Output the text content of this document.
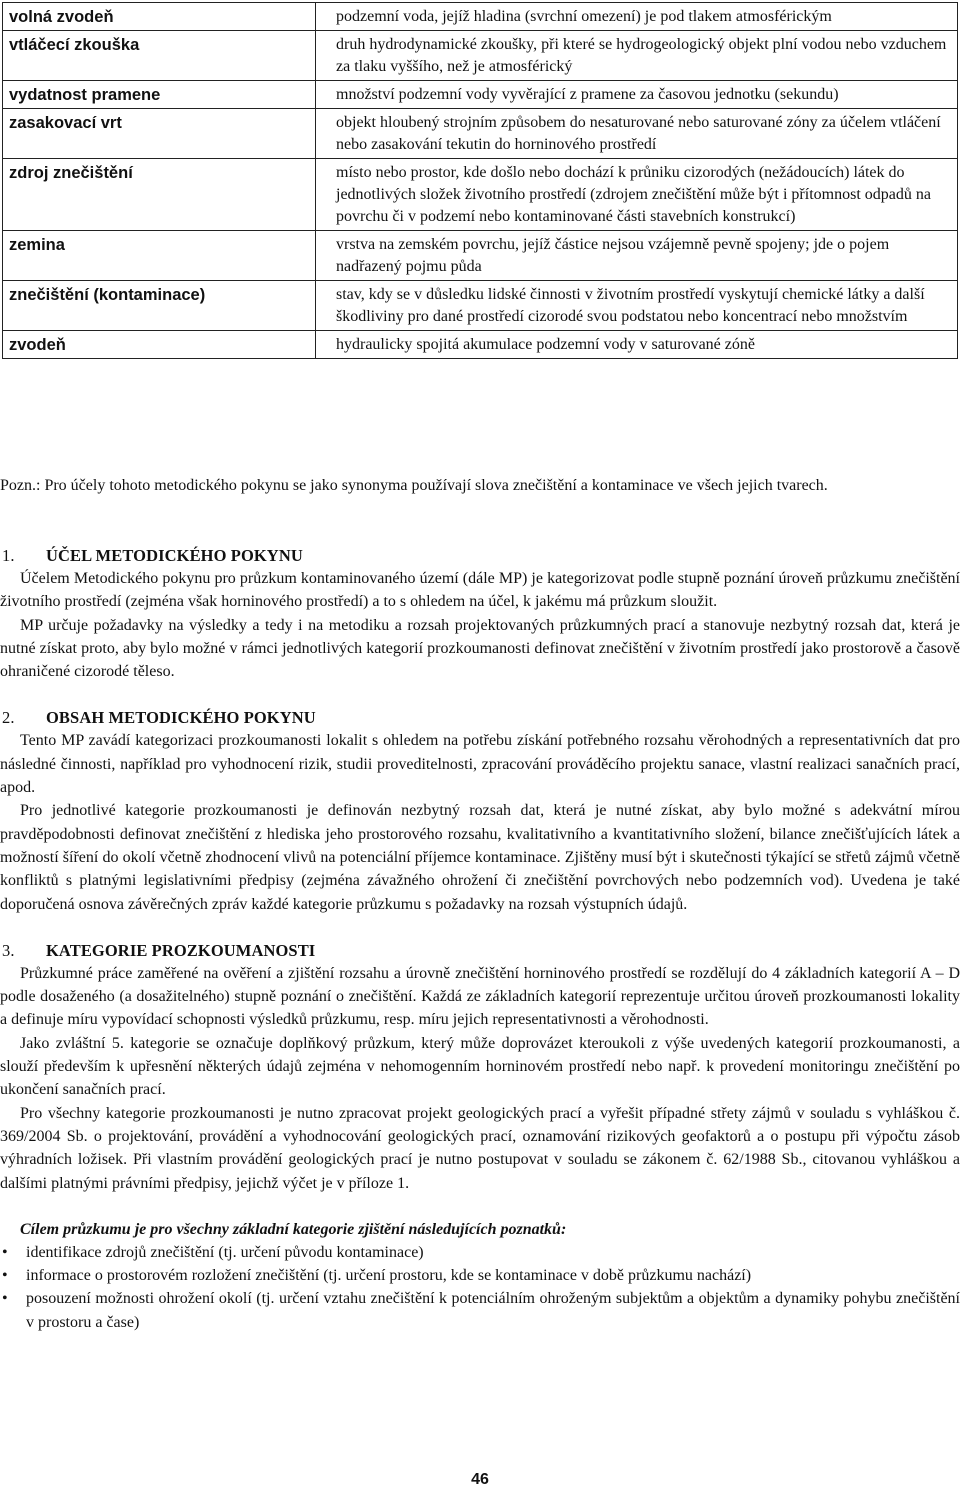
volná zvodeň	podzemní voda, jejíž hladina (svrchní omezení) je pod tlakem atmosférickým
vtláčecí zkouška	druh hydrodynamické zkoušky, při které se hydrogeologický objekt plní vodou nebo vzduchem za tlaku vyššího, než je atmosférický
vydatnost pramene	množství podzemní vody vyvěrající z pramene za časovou jednotku (sekundu)
zasakovací vrt	objekt hloubený strojním způsobem do nesaturované nebo saturované zóny za účelem vtláčení nebo zasakování tekutin do horninového prostředí
zdroj znečištění	místo nebo prostor, kde došlo nebo dochází k průniku cizorodých (nežádoucích) látek do jednotlivých složek životního prostředí (zdrojem znečištění může být i přítomnost odpadů na povrchu či v podzemí nebo kontaminované části stavebních konstrukcí)
zemina	vrstva na zemském povrchu, jejíž částice nejsou vzájemně pevně spojeny; jde o pojem nadřazený pojmu půda
znečištění (kontaminace)	stav, kdy se v důsledku lidské činnosti v životním prostředí vyskytují chemické látky a další škodliviny pro dané prostředí cizorodé svou podstatou nebo koncentrací nebo množstvím
zvodeň	hydraulicky spojitá akumulace podzemní vody v saturované zóně
Pozn.: Pro účely tohoto metodického pokynu se jako synonyma používají slova znečištění a kontaminace ve všech jejich tvarech.
1. ÚČEL METODICKÉHO POKYNU

Účelem Metodického pokynu pro průzkum kontaminovaného území (dále MP) je kategorizovat podle stupně poznání úroveň průzkumu znečištění životního prostředí (zejména však horninového prostředí) a to s ohledem na účel, k jakému má průzkum sloužit.

MP určuje požadavky na výsledky a tedy i na metodiku a rozsah projektovaných průzkumných prací a stanovuje nezbytný rozsah dat, která je nutné získat proto, aby bylo možné v rámci jednotlivých kategorií prozkoumanosti definovat znečištění v životním prostředí jako prostorově a časově ohraničené cizorodé těleso.

2. OBSAH METODICKÉHO POKYNU

Tento MP zavádí kategorizaci prozkoumanosti lokalit s ohledem na potřebu získání potřebného rozsahu věrohodných a representativních dat pro následné činnosti, například pro vyhodnocení rizik, studii proveditelnosti, zpracování prováděcího projektu sanace, vlastní realizaci sanačních prací, apod.

Pro jednotlivé kategorie prozkoumanosti je definován nezbytný rozsah dat, která je nutné získat, aby bylo možné s adekvátní mírou pravděpodobnosti definovat znečištění z hlediska jeho prostorového rozsahu, kvalitativního a kvantitativního složení, bilance znečišťujících látek a možností šíření do okolí včetně zhodnocení vlivů na potenciální příjemce kontaminace. Zjištěny musí být i skutečnosti týkající se střetů zájmů včetně konfliktů s platnými legislativními předpisy (zejména závažného ohrožení či znečištění povrchových nebo podzemních vod). Uvedena je také doporučená osnova závěrečných zpráv každé kategorie průzkumu s požadavky na rozsah výstupních údajů.

3. KATEGORIE PROZKOUMANOSTI

Průzkumné práce zaměřené na ověření a zjištění rozsahu a úrovně znečištění horninového prostředí se rozdělují do 4 základních kategorií A – D podle dosaženého (a dosažitelného) stupně poznání o znečištění. Každá ze základních kategorií reprezentuje určitou úroveň prozkoumanosti lokality a definuje míru vypovídací schopnosti výsledků průzkumu, resp. míru jejich representativnosti a věrohodnosti.

Jako zvláštní 5. kategorie se označuje doplňkový průzkum, který může doprovázet kteroukoli z výše uvedených kategorií prozkoumanosti, a slouží především k upřesnění některých údajů zejména v nehomogenním horninovém prostředí nebo např. k provedení monitoringu znečištění po ukončení sanačních prací.

Pro všechny kategorie prozkoumanosti je nutno zpracovat projekt geologických prací a vyřešit případné střety zájmů v souladu s vyhláškou č. 369/2004 Sb. o projektování, provádění a vyhodnocování geologických prací, oznamování rizikových geofaktorů a o postupu při výpočtu zásob výhradních ložisek. Při vlastním provádění geologických prací je nutno postupovat v souladu se zákonem č. 62/1988 Sb., citovanou vyhláškou a dalšími platnými právními předpisy, jejichž výčet je v příloze 1.

Cílem průzkumu je pro všechny základní kategorie zjištění následujících poznatků:

• identifikace zdrojů znečištění (tj. určení původu kontaminace)
• informace o prostorovém rozložení znečištění (tj. určení prostoru, kde se kontaminace v době průzkumu nachází)
• posouzení možnosti ohrožení okolí (tj. určení vztahu znečištění k potenciálním ohroženým subjektům a objektům a dynamiky pohybu znečištění v prostoru a čase)
46
